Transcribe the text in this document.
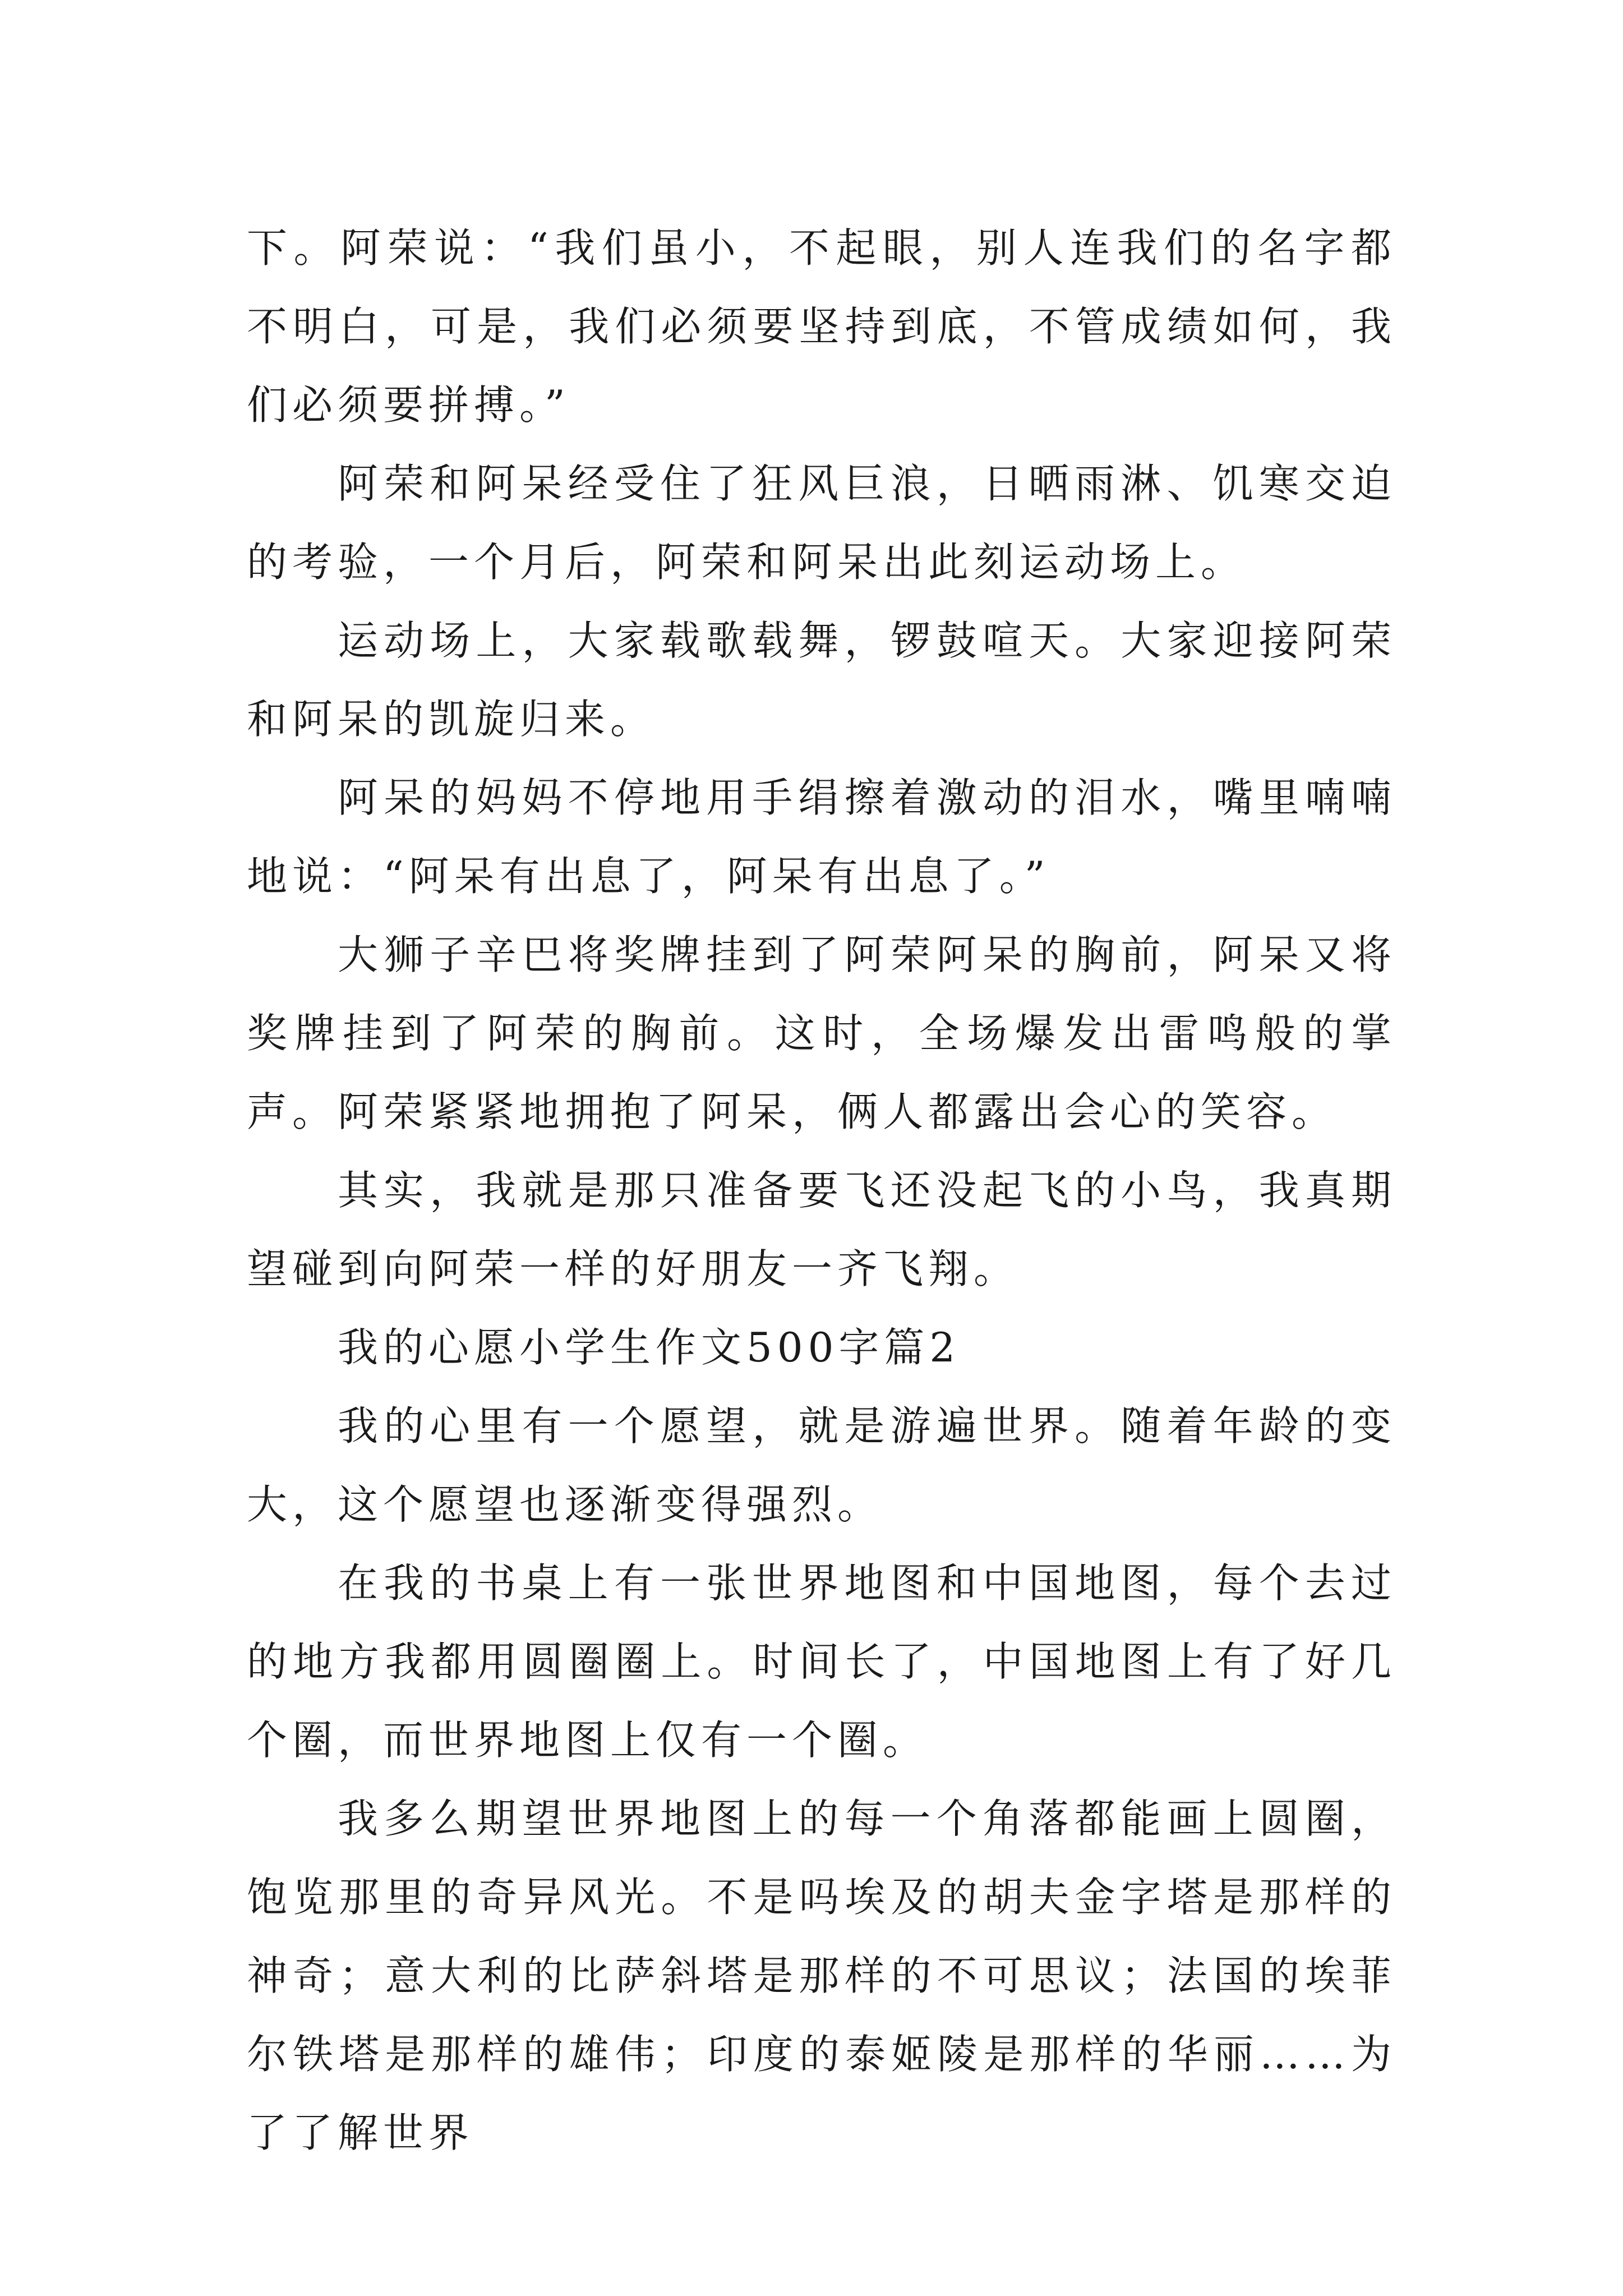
下。阿荣说：“我们虽小，不起眼，别人连我们的名字都不明白，可是，我们必须要坚持到底，不管成绩如何，我们必须要拼搏。”

阿荣和阿呆经受住了狂风巨浪，日晒雨淋、饥寒交迫的考验，一个月后，阿荣和阿呆出此刻运动场上。

运动场上，大家载歌载舞，锣鼓喧天。大家迎接阿荣和阿呆的凯旋归来。

阿呆的妈妈不停地用手绢擦着激动的泪水，嘴里喃喃地说：“阿呆有出息了，阿呆有出息了。”

大狮子辛巴将奖牌挂到了阿荣阿呆的胸前，阿呆又将奖牌挂到了阿荣的胸前。这时，全场爆发出雷鸣般的掌声。阿荣紧紧地拥抱了阿呆，俩人都露出会心的笑容。

其实，我就是那只准备要飞还没起飞的小鸟，我真期望碰到向阿荣一样的好朋友一齐飞翔。

我的心愿小学生作文500字篇2

我的心里有一个愿望，就是游遍世界。随着年龄的变大，这个愿望也逐渐变得强烈。

在我的书桌上有一张世界地图和中国地图，每个去过的地方我都用圆圈圈上。时间长了，中国地图上有了好几个圈，而世界地图上仅有一个圈。

我多么期望世界地图上的每一个角落都能画上圆圈，饱览那里的奇异风光。不是吗埃及的胡夫金字塔是那样的神奇；意大利的比萨斜塔是那样的不可思议；法国的埃菲尔铁塔是那样的雄伟；印度的泰姬陵是那样的华丽……为了了解世界
